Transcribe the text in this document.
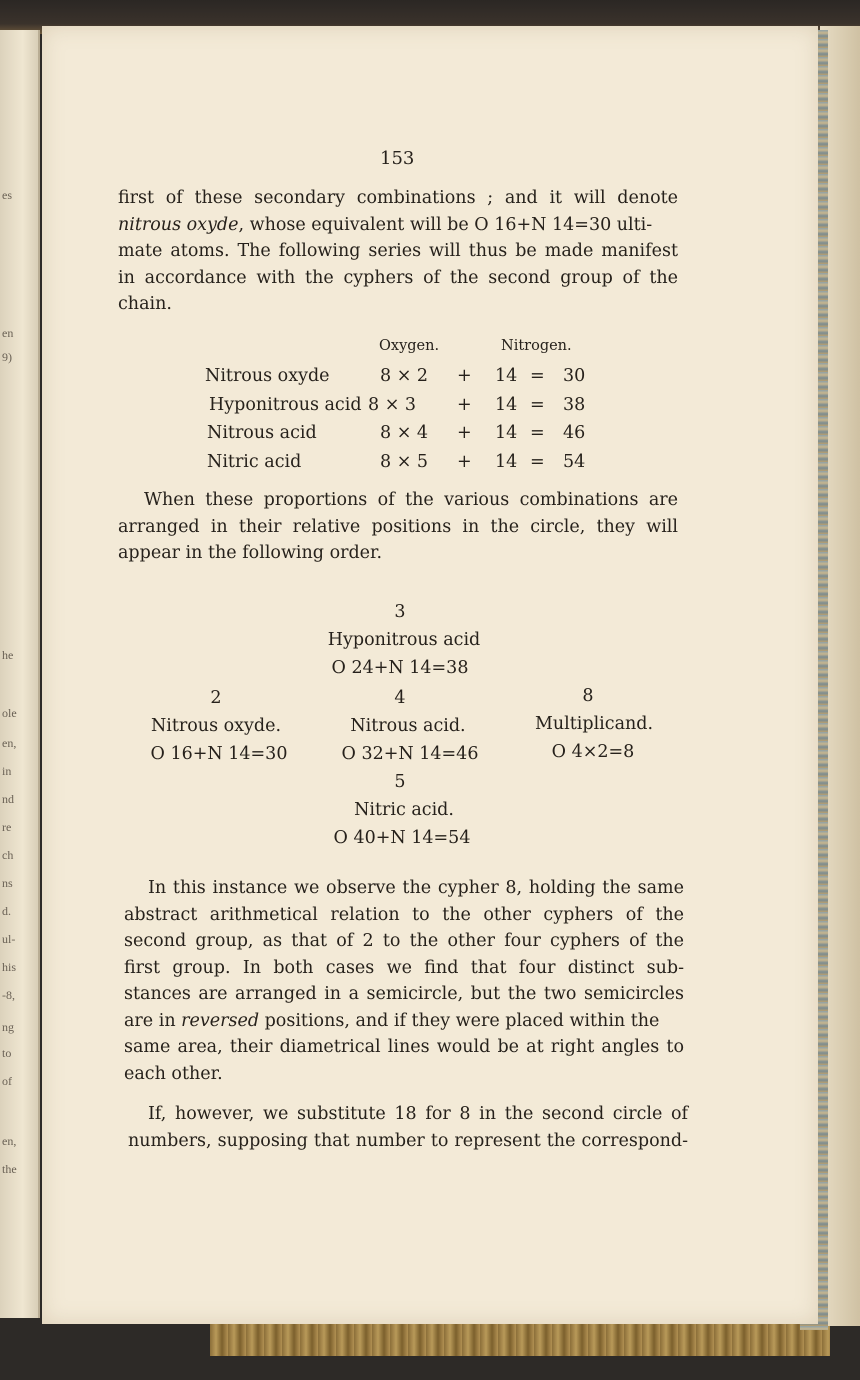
es
en
9)
he
ole
en,
in
nd
re
ch
ns
d.
ul-
his
-8,
ng
to
of
en,
the
153
first of these secondary combinations ; and it will denote
nitrous oxyde, whose equivalent will be O 16+N 14=30 ulti-
mate atoms. The following series will thus be made manifest
in accordance with the cyphers of the second group of the
chain.
Oxygen.	Nitrogen.
Nitrous oxyde	8 × 2 + 14 = 30
Hyponitrous acid 8 × 3 + 14 = 38
Nitrous acid	8 × 4 + 14 = 46
Nitric acid	8 × 5 + 14 = 54
When these proportions of the various combinations are
arranged in their relative positions in the circle, they will
appear in the following order.
3
Hyponitrous acid
O 24+N 14=38
2
Nitrous oxyde.
O 16+N 14=30
4
Nitrous acid.
O 32+N 14=46
8
Multiplicand.
O 4×2=8
5
Nitric acid.
O 40+N 14=54
In this instance we observe the cypher 8, holding the same
abstract arithmetical relation to the other cyphers of the
second group, as that of 2 to the other four cyphers of the
first group. In both cases we find that four distinct sub-
stances are arranged in a semicircle, but the two semicircles
are in reversed positions, and if they were placed within the
same area, their diametrical lines would be at right angles to
each other.
If, however, we substitute 18 for 8 in the second circle of
numbers, supposing that number to represent the correspond-
